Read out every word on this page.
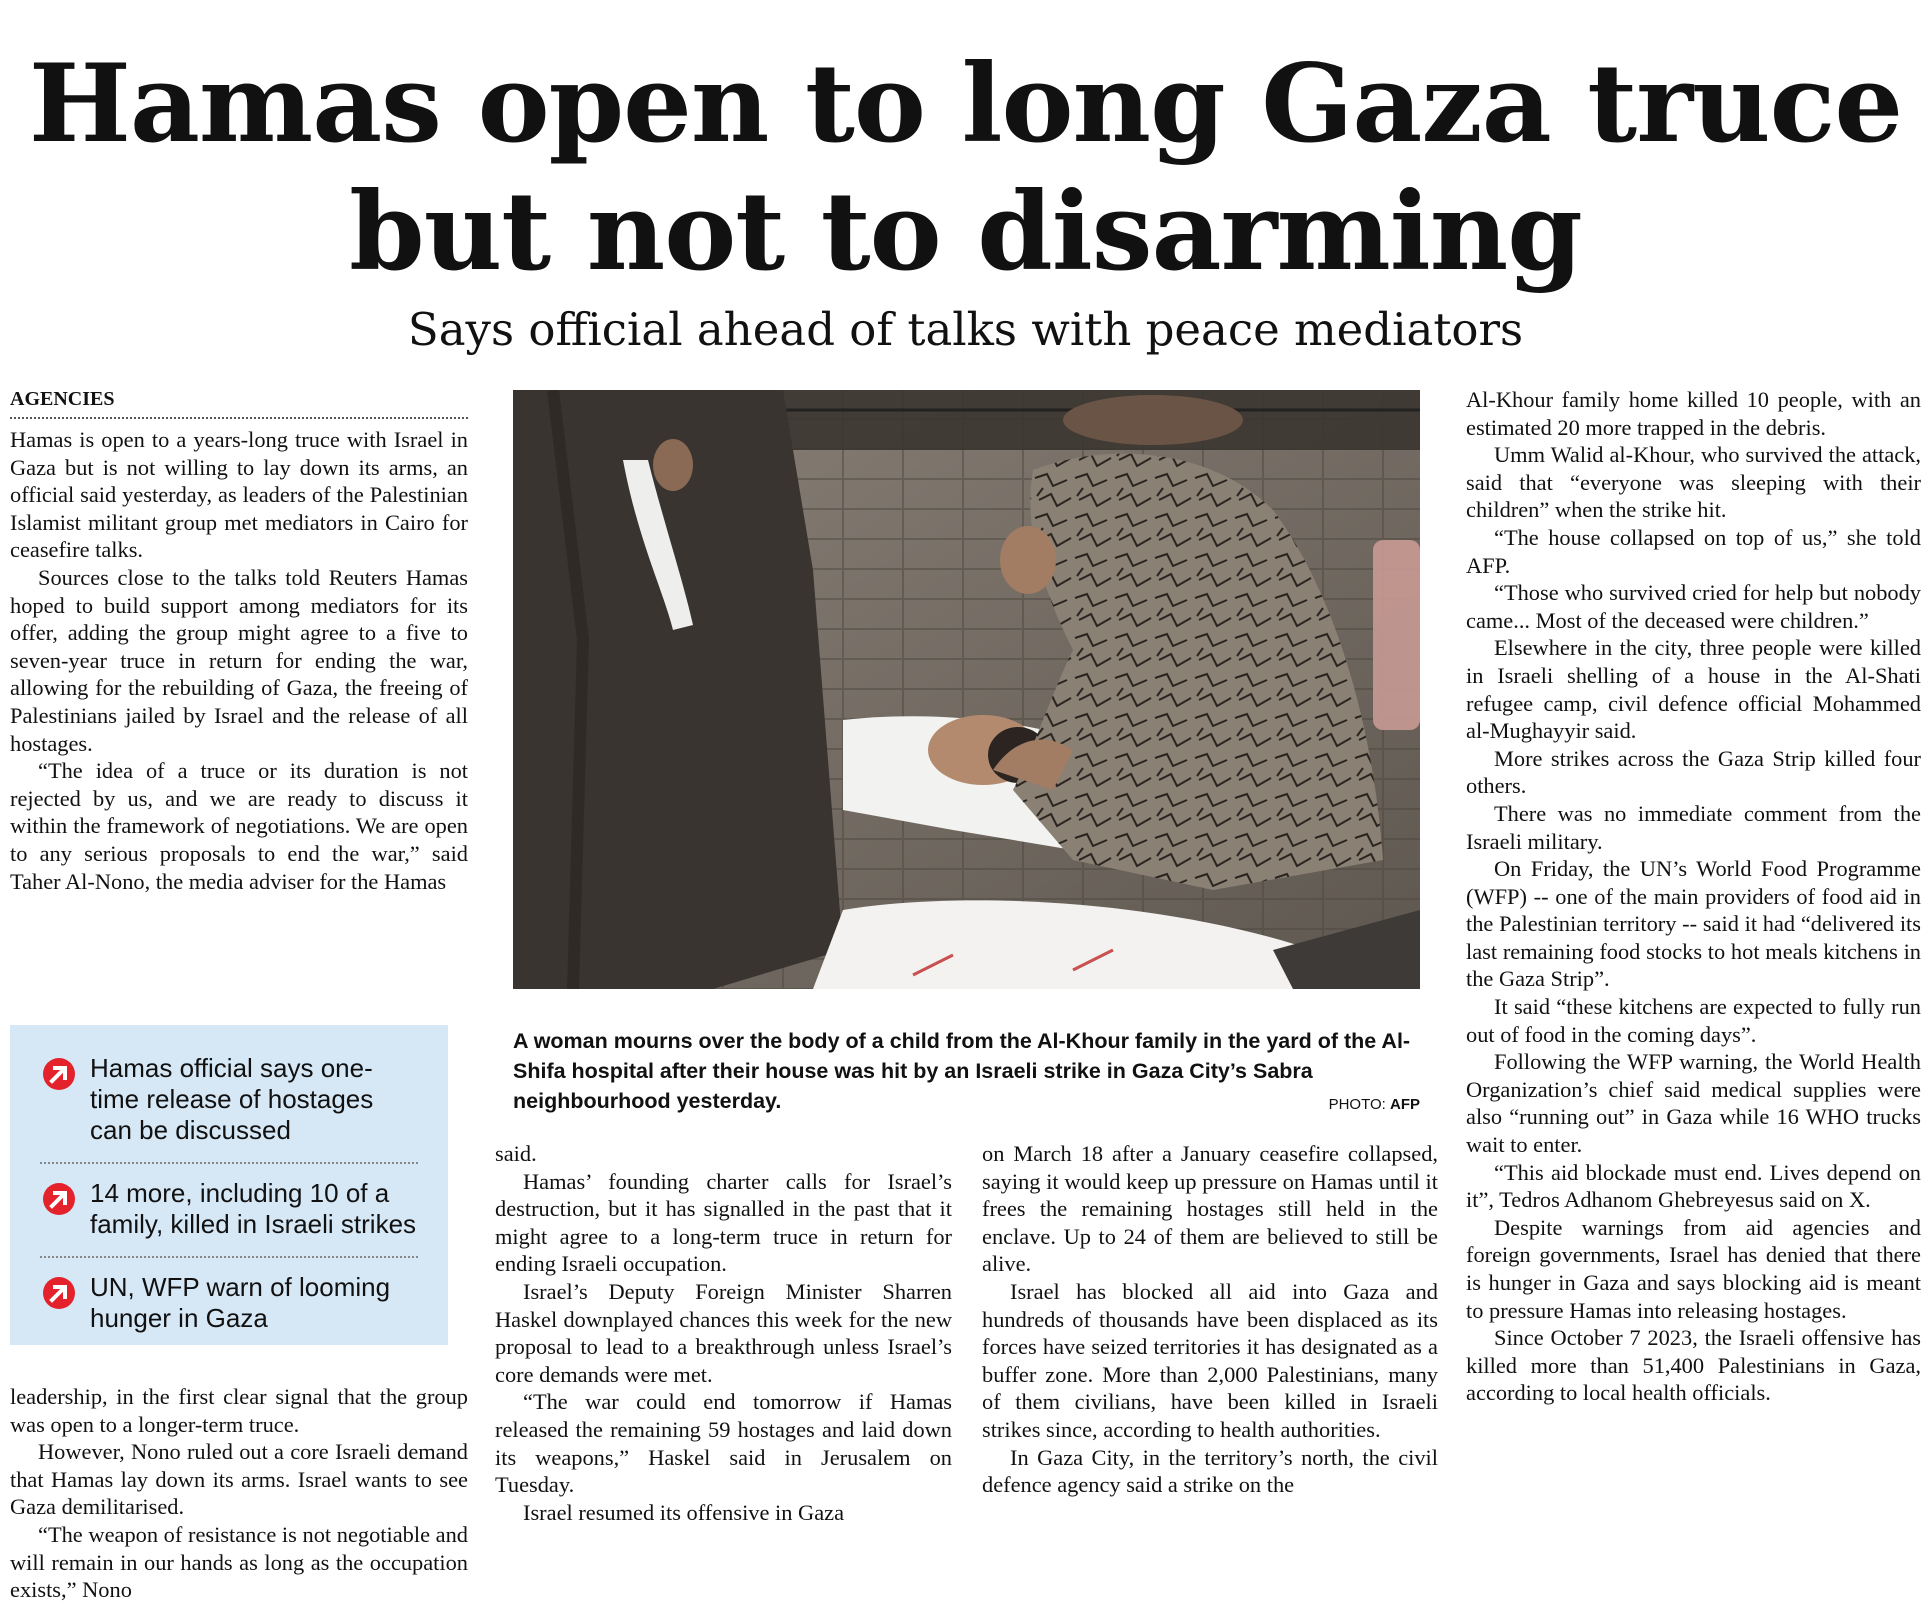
Hamas open to long Gaza truce
but not to disarming
Says official ahead of talks with peace mediators
AGENCIES

Hamas is open to a years-long truce with Israel in Gaza but is not willing to lay down its arms, an official said yesterday, as leaders of the Palestinian Islamist militant group met mediators in Cairo for ceasefire talks.

Sources close to the talks told Reuters Hamas hoped to build support among mediators for its offer, adding the group might agree to a five to seven-year truce in return for ending the war, allowing for the rebuilding of Gaza, the freeing of Palestinians jailed by Israel and the release of all hostages.

“The idea of a truce or its duration is not rejected by us, and we are ready to discuss it within the framework of negotiations. We are open to any serious proposals to end the war,” said Taher Al-Nono, the media adviser for the Hamas

Hamas official says one-time release of hostages can be discussed
14 more, including 10 of a family, killed in Israeli strikes
UN, WFP warn of looming hunger in Gaza

leadership, in the first clear signal that the group was open to a longer-term truce.

However, Nono ruled out a core Israeli demand that Hamas lay down its arms. Israel wants to see Gaza demilitarised.

“The weapon of resistance is not negotiable and will remain in our hands as long as the occupation exists,” Nono

A woman mourns over the body of a child from the Al-Khour family in the yard of the Al-Shifa hospital after their house was hit by an Israeli strike in Gaza City’s Sabra neighbourhood yesterday.	PHOTO: AFP

said.

Hamas’ founding charter calls for Israel’s destruction, but it has signalled in the past that it might agree to a long-term truce in return for ending Israeli occupation.

Israel’s Deputy Foreign Minister Sharren Haskel downplayed chances this week for the new proposal to lead to a breakthrough unless Israel’s core demands were met.

“The war could end tomorrow if Hamas released the remaining 59 hostages and laid down its weapons,” Haskel said in Jerusalem on Tuesday.

Israel resumed its offensive in Gaza

on March 18 after a January ceasefire collapsed, saying it would keep up pressure on Hamas until it frees the remaining hostages still held in the enclave. Up to 24 of them are believed to still be alive.

Israel has blocked all aid into Gaza and hundreds of thousands have been displaced as its forces have seized territories it has designated as a buffer zone. More than 2,000 Palestinians, many of them civilians, have been killed in Israeli strikes since, according to health authorities.

In Gaza City, in the territory’s north, the civil defence agency said a strike on the

Al-Khour family home killed 10 people, with an estimated 20 more trapped in the debris.

Umm Walid al-Khour, who survived the attack, said that “everyone was sleeping with their children” when the strike hit.

“The house collapsed on top of us,” she told AFP.

“Those who survived cried for help but nobody came... Most of the deceased were children.”

Elsewhere in the city, three people were killed in Israeli shelling of a house in the Al-Shati refugee camp, civil defence official Mohammed al-Mughayyir said.

More strikes across the Gaza Strip killed four others.

There was no immediate comment from the Israeli military.

On Friday, the UN’s World Food Programme (WFP) -- one of the main providers of food aid in the Palestinian territory -- said it had “delivered its last remaining food stocks to hot meals kitchens in the Gaza Strip”.

It said “these kitchens are expected to fully run out of food in the coming days”.

Following the WFP warning, the World Health Organization’s chief said medical supplies were also “running out” in Gaza while 16 WHO trucks wait to enter.

“This aid blockade must end. Lives depend on it”, Tedros Adhanom Ghebreyesus said on X.

Despite warnings from aid agencies and foreign governments, Israel has denied that there is hunger in Gaza and says blocking aid is meant to pressure Hamas into releasing hostages.

Since October 7 2023, the Israeli offensive has killed more than 51,400 Palestinians in Gaza, according to local health officials.
